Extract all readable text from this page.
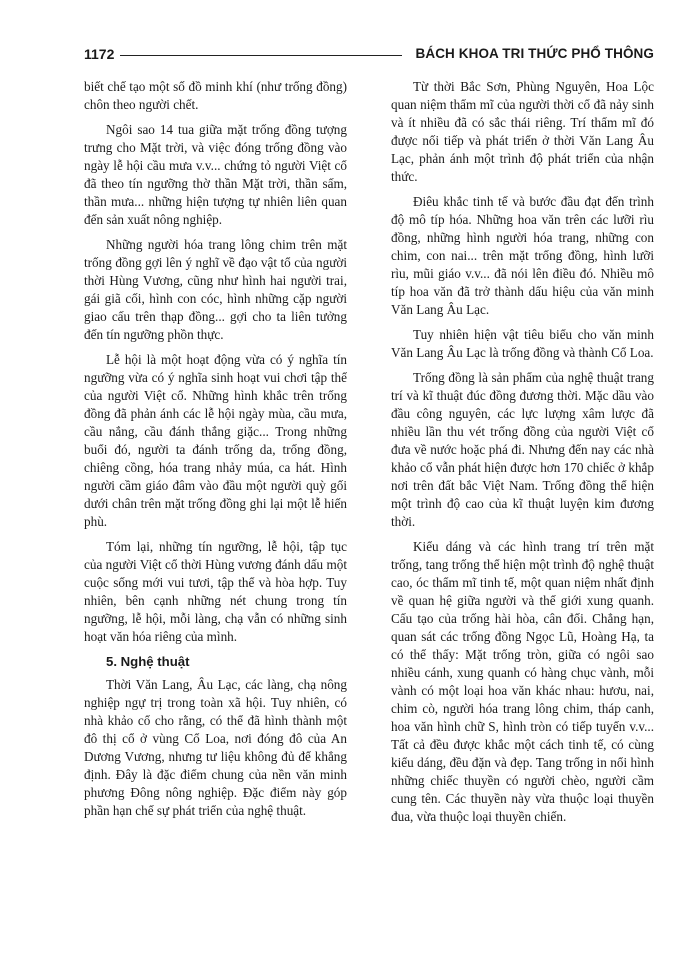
1172	BÁCH KHOA TRI THỨC PHỔ THÔNG

biết chế tạo một số đồ minh khí (như trống đồng) chôn theo người chết.

Ngôi sao 14 tua giữa mặt trống đồng tượng trưng cho Mặt trời, và việc đóng trống đồng vào ngày lễ hội cầu mưa v.v... chứng tỏ người Việt cổ đã theo tín ngưỡng thờ thần Mặt trời, thần sấm, thần mưa... những hiện tượng tự nhiên liên quan đến sản xuất nông nghiệp.

Những người hóa trang lông chim trên mặt trống đồng gợi lên ý nghĩ về đạo vật tổ của người thời Hùng Vương, cũng như hình hai người trai, gái giã cối, hình con cóc, hình những cặp người giao cấu trên thạp đồng... gợi cho ta liên tưởng đến tín ngưỡng phồn thực.

Lễ hội là một hoạt động vừa có ý nghĩa tín ngưỡng vừa có ý nghĩa sinh hoạt vui chơi tập thể của người Việt cổ. Những hình khắc trên trống đồng đã phản ánh các lễ hội ngày mùa, cầu mưa, cầu nắng, cầu đánh thắng giặc... Trong những buổi đó, người ta đánh trống da, trống đồng, chiêng cồng, hóa trang nhảy múa, ca hát. Hình người cầm giáo đâm vào đầu một người quỳ gối dưới chân trên mặt trống đồng ghi lại một lễ hiến phù.

Tóm lại, những tín ngưỡng, lễ hội, tập tục của người Việt cổ thời Hùng vương đánh dấu một cuộc sống mới vui tươi, tập thể và hòa hợp. Tuy nhiên, bên cạnh những nét chung trong tín ngưỡng, lễ hội, mỗi làng, chạ vẫn có những sinh hoạt văn hóa riêng của mình.

5. Nghệ thuật

Thời Văn Lang, Âu Lạc, các làng, chạ nông nghiệp ngự trị trong toàn xã hội. Tuy nhiên, có nhà khảo cổ cho rằng, có thể đã hình thành một đô thị cổ ở vùng Cổ Loa, nơi đóng đô của An Dương Vương, nhưng tư liệu không đủ để khẳng định. Đây là đặc điểm chung của nền văn minh phương Đông nông nghiệp. Đặc điểm này góp phần hạn chế sự phát triển của nghệ thuật.

Từ thời Bắc Sơn, Phùng Nguyên, Hoa Lộc quan niệm thẩm mĩ của người thời cổ đã nảy sinh và ít nhiều đã có sắc thái riêng. Trí thẩm mĩ đó được nối tiếp và phát triển ở thời Văn Lang Âu Lạc, phản ánh một trình độ phát triển của nhận thức.

Điêu khắc tinh tế và bước đầu đạt đến trình độ mô típ hóa. Những hoa văn trên các lưỡi rìu đồng, những hình người hóa trang, những con chim, con nai... trên mặt trống đồng, hình lưỡi rìu, mũi giáo v.v... đã nói lên điều đó. Nhiều mô típ hoa văn đã trở thành dấu hiệu của văn minh Văn Lang Âu Lạc.

Tuy nhiên hiện vật tiêu biểu cho văn minh Văn Lang Âu Lạc là trống đồng và thành Cổ Loa.

Trống đồng là sản phẩm của nghệ thuật trang trí và kĩ thuật đúc đồng đương thời. Mặc dầu vào đầu công nguyên, các lực lượng xâm lược đã nhiều lần thu vét trống đồng của người Việt cổ đưa về nước hoặc phá đi. Nhưng đến nay các nhà khảo cổ vẫn phát hiện được hơn 170 chiếc ở khắp nơi trên đất bắc Việt Nam. Trống đồng thể hiện một trình độ cao của kĩ thuật luyện kim đương thời.

Kiểu dáng và các hình trang trí trên mặt trống, tang trống thể hiện một trình độ nghệ thuật cao, óc thẩm mĩ tinh tế, một quan niệm nhất định về quan hệ giữa người và thế giới xung quanh. Cấu tạo của trống hài hòa, cân đối. Chẳng hạn, quan sát các trống đồng Ngọc Lũ, Hoàng Hạ, ta có thể thấy: Mặt trống tròn, giữa có ngôi sao nhiều cánh, xung quanh có hàng chục vành, mỗi vành có một loại hoa văn khác nhau: hươu, nai, chim cò, người hóa trang lông chim, tháp canh, hoa văn hình chữ S, hình tròn có tiếp tuyến v.v... Tất cả đều được khắc một cách tinh tế, có cùng kiểu dáng, đều đặn và đẹp. Tang trống in nổi hình những chiếc thuyền có người chèo, người cầm cung tên. Các thuyền này vừa thuộc loại thuyền đua, vừa thuộc loại thuyền chiến.
